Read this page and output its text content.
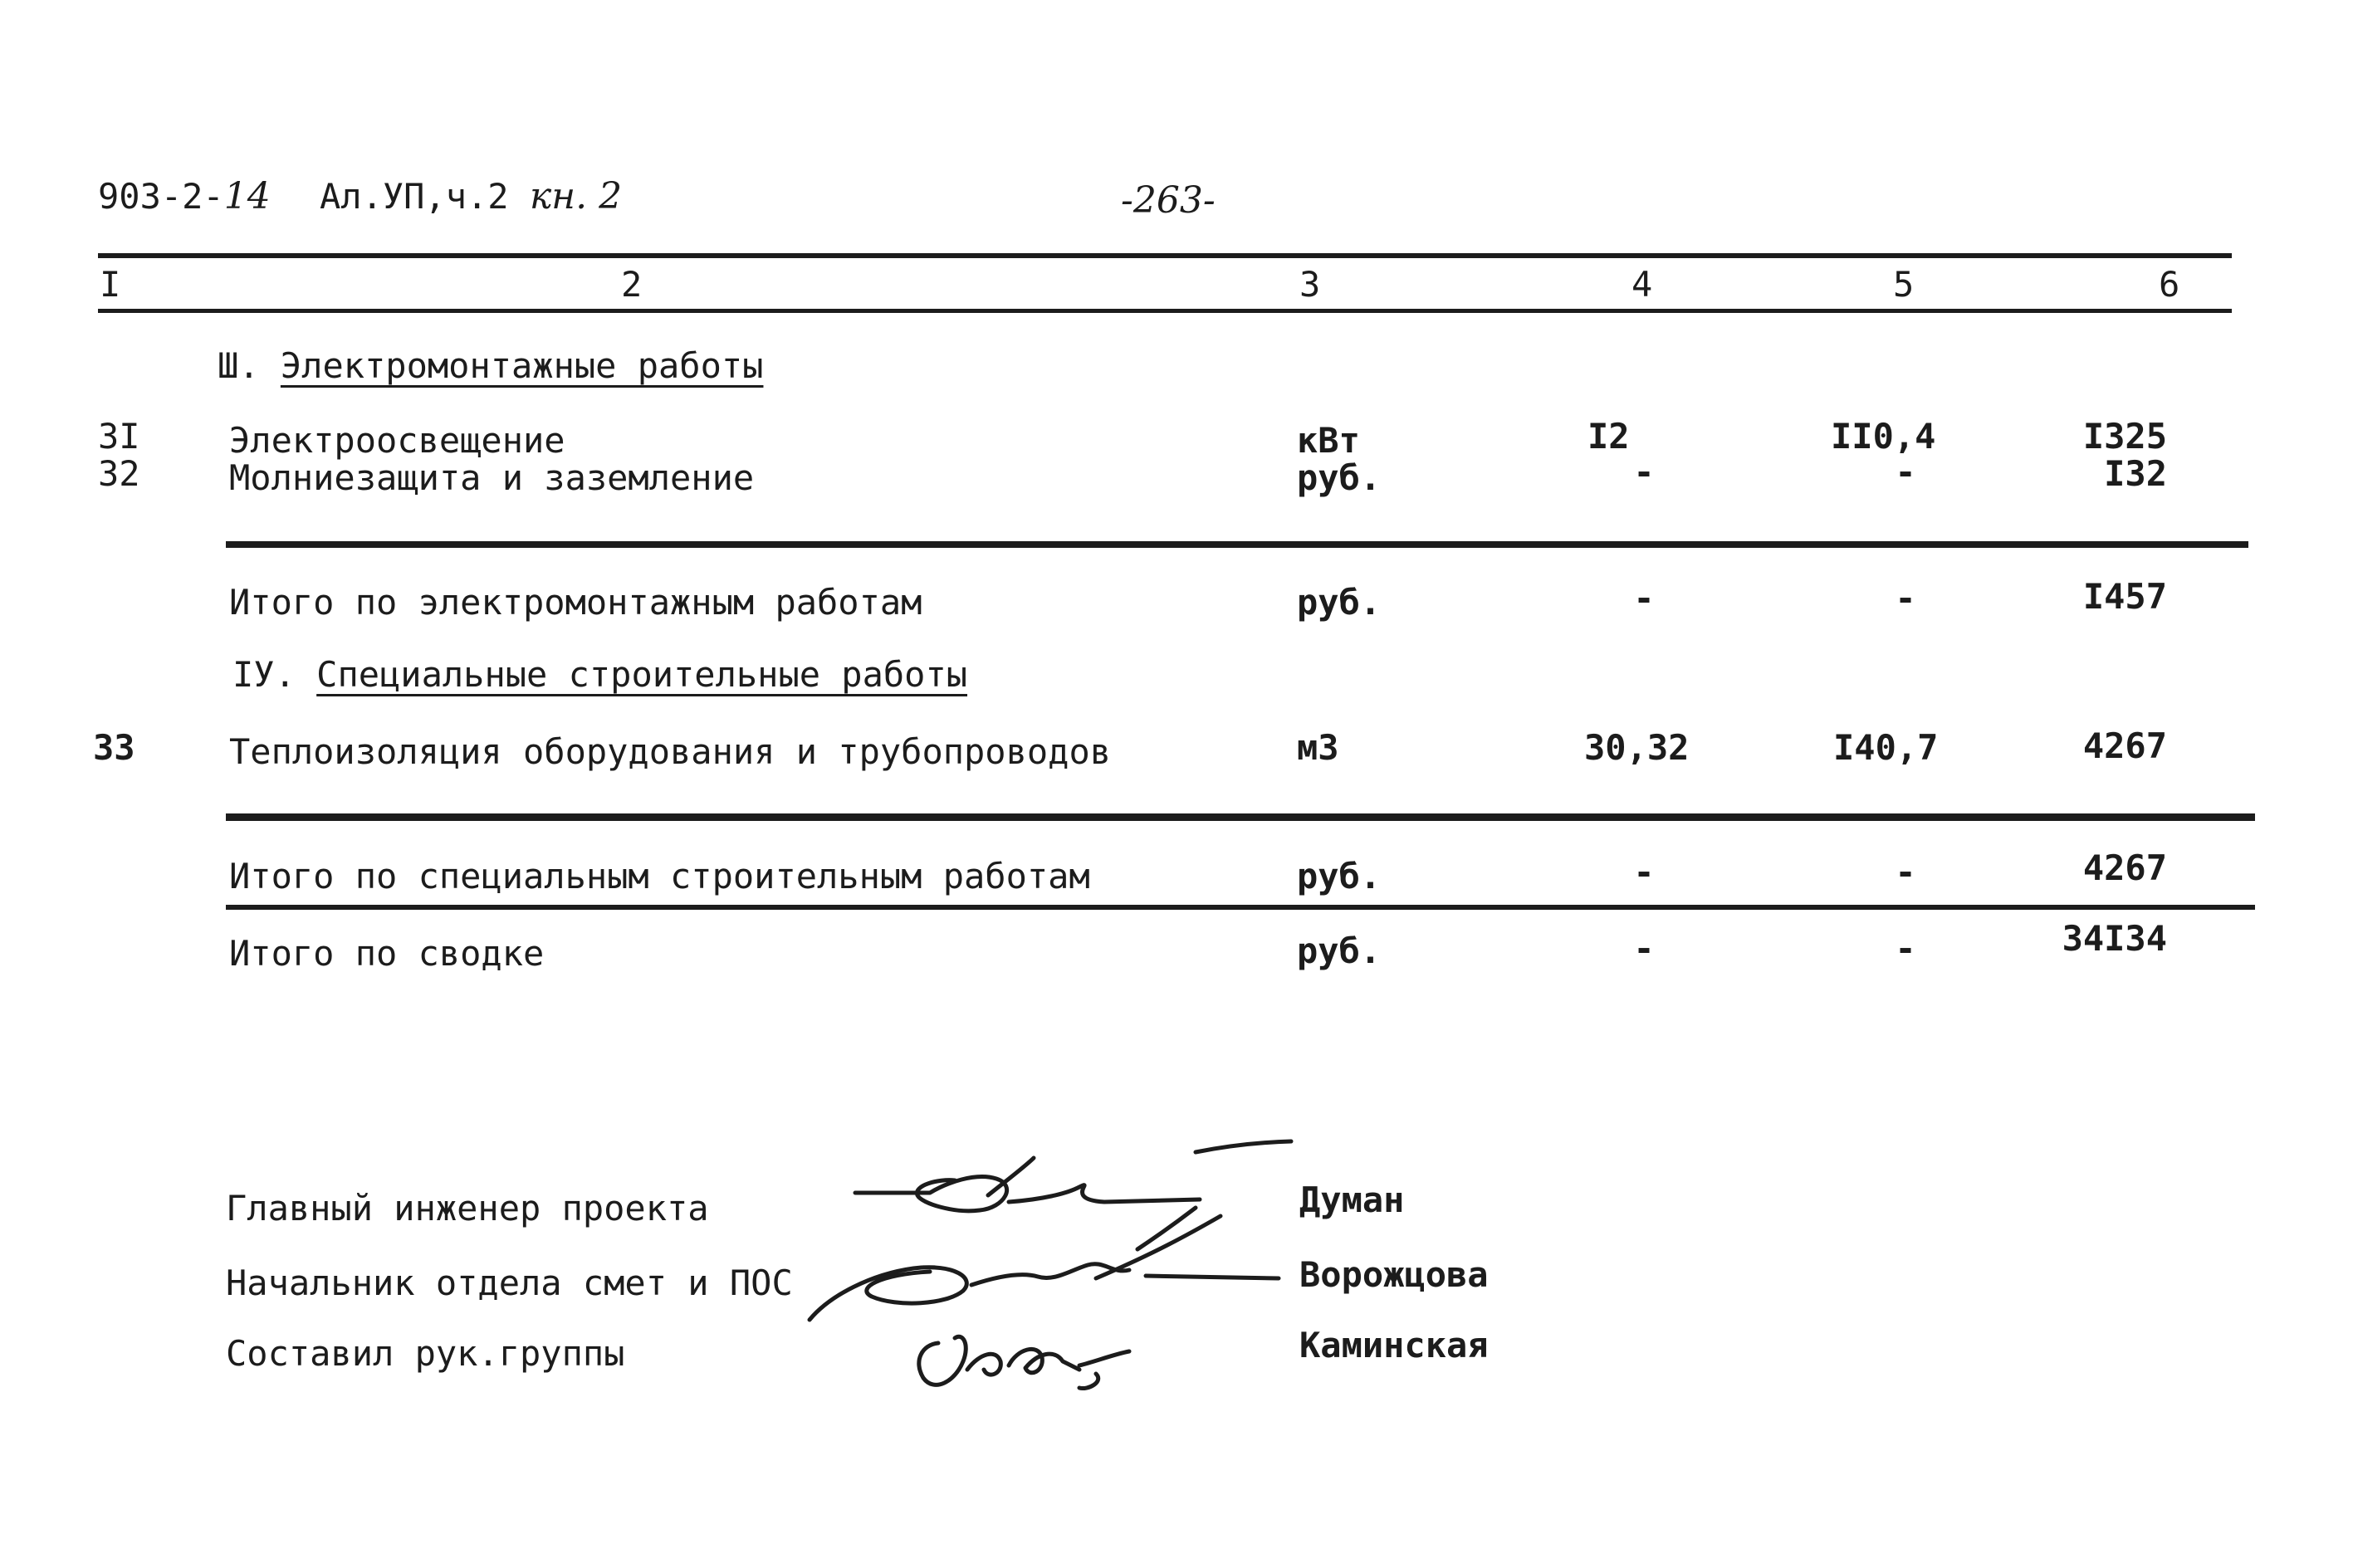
903-2-14 Ал.УП,ч.2 кн. 2	-263-
I	2	3	4	5	6
Ш. Электромонтажные работы
3I	Электроосвещение	кВт	I2	II0,4	I325
32	Молниезащита и заземление	руб.	-	-	I32
Итого по электромонтажным работам	руб.	-	-	I457
IУ. Специальные строительные работы
33	Теплоизоляция оборудования и трубопроводов	м3	30,32	I40,7	4267
Итого по специальным строительным работам	руб.	-	-	4267
Итого по сводке	руб.	-	-	34I34
Главный инженер проекта	Думан
Начальник отдела смет и ПОС	Ворожцова
Составил рук.группы	Каминская
